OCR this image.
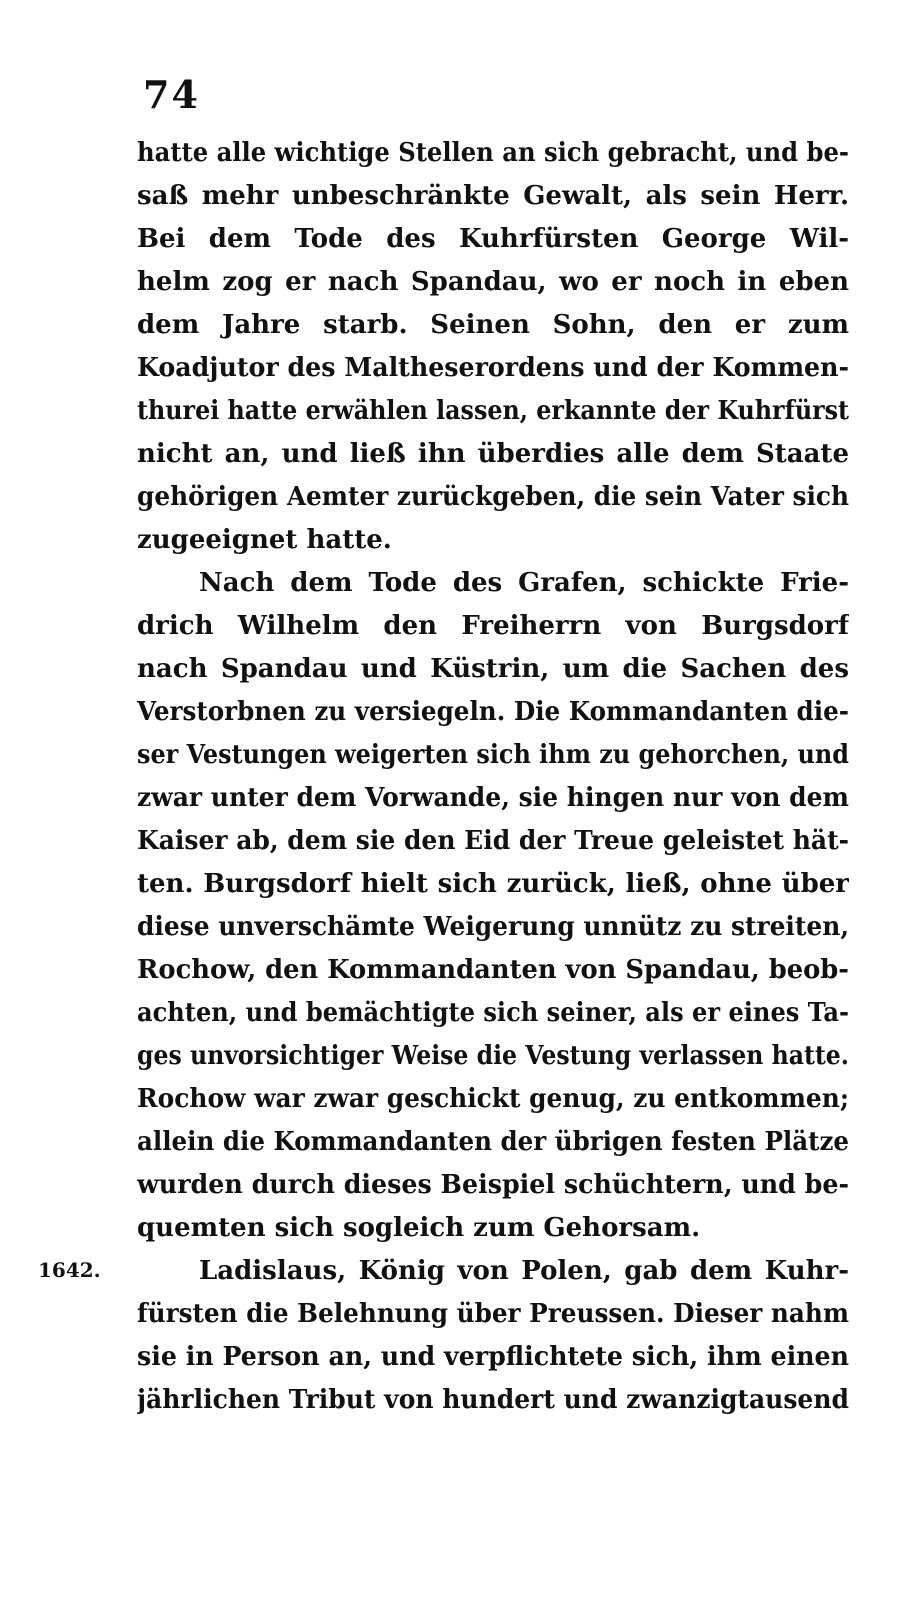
74
1642.
hatte alle wichtige Stellen an sich gebracht, und be-
saß mehr unbeschränkte Gewalt, als sein Herr.
Bei dem Tode des Kuhrfürsten George Wil-
helm zog er nach Spandau, wo er noch in eben
dem Jahre starb. Seinen Sohn, den er zum
Koadjutor des Maltheserordens und der Kommen-
thurei hatte erwählen lassen, erkannte der Kuhrfürst
nicht an, und ließ ihn überdies alle dem Staate
gehörigen Aemter zurückgeben, die sein Vater sich
zugeeignet hatte.
Nach dem Tode des Grafen, schickte Frie-
drich Wilhelm den Freiherrn von Burgsdorf
nach Spandau und Küstrin, um die Sachen des
Verstorbnen zu versiegeln. Die Kommandanten die-
ser Vestungen weigerten sich ihm zu gehorchen, und
zwar unter dem Vorwande, sie hingen nur von dem
Kaiser ab, dem sie den Eid der Treue geleistet hät-
ten. Burgsdorf hielt sich zurück, ließ, ohne über
diese unverschämte Weigerung unnütz zu streiten,
Rochow, den Kommandanten von Spandau, beob-
achten, und bemächtigte sich seiner, als er eines Ta-
ges unvorsichtiger Weise die Vestung verlassen hatte.
Rochow war zwar geschickt genug, zu entkommen;
allein die Kommandanten der übrigen festen Plätze
wurden durch dieses Beispiel schüchtern, und be-
quemten sich sogleich zum Gehorsam.
Ladislaus, König von Polen, gab dem Kuhr-
fürsten die Belehnung über Preussen. Dieser nahm
sie in Person an, und verpflichtete sich, ihm einen
jährlichen Tribut von hundert und zwanzigtausend
